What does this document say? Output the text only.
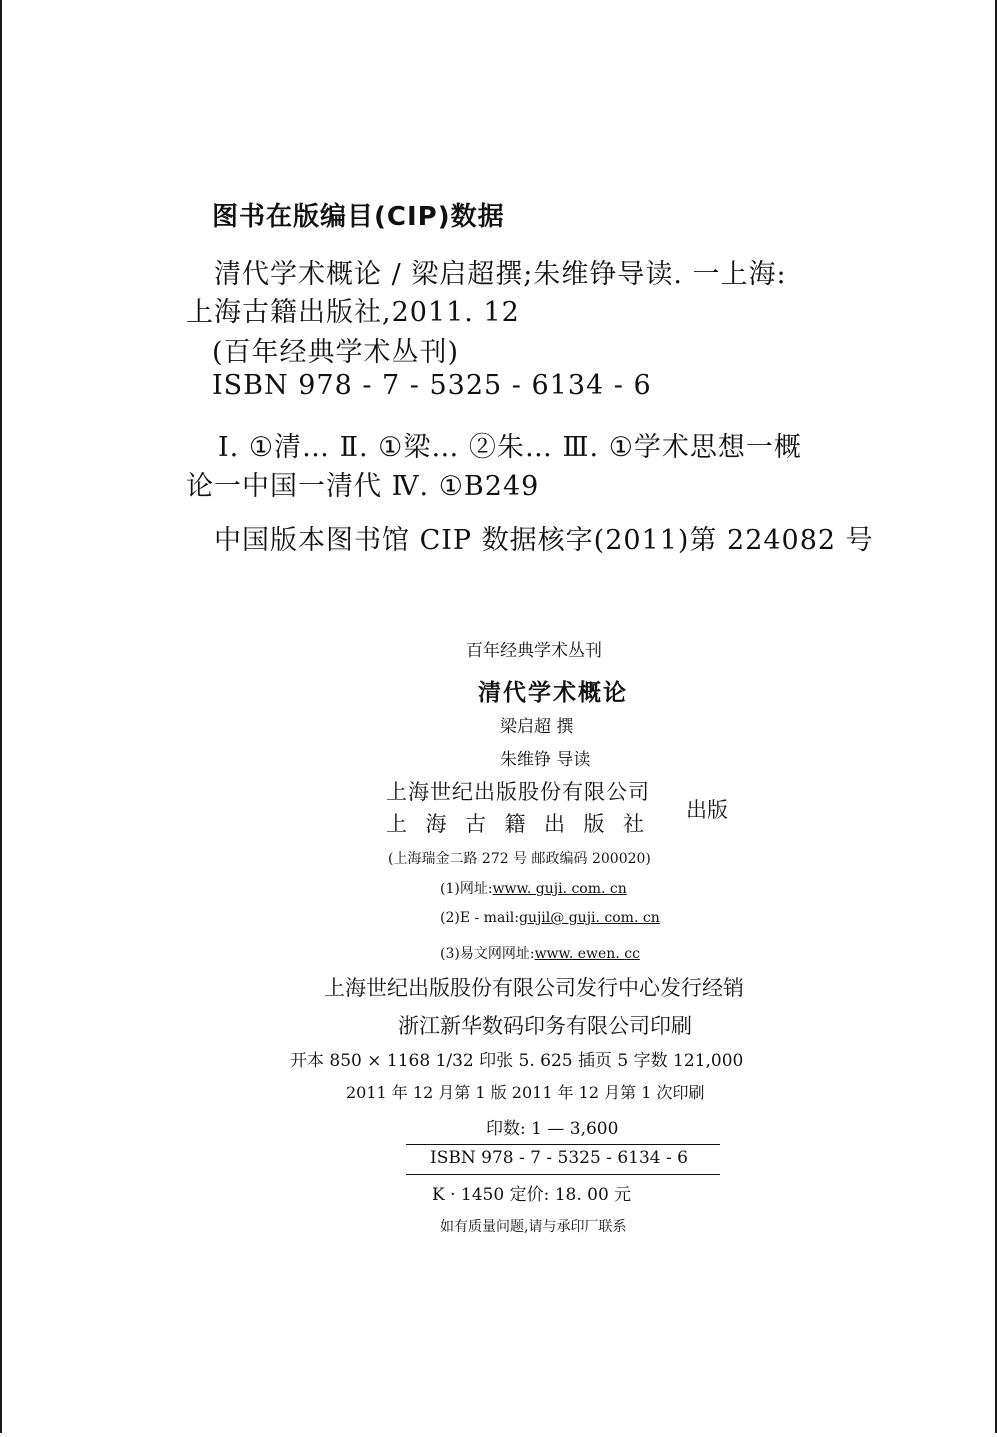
图书在版编目(CIP)数据
清代学术概论 / 梁启超撰;朱维铮导读. 一上海:
上海古籍出版社,2011. 12
(百年经典学术丛刊)
ISBN 978 - 7 - 5325 - 6134 - 6
Ⅰ. ①清… Ⅱ. ①梁… ②朱… Ⅲ. ①学术思想一概
论一中国一清代 Ⅳ. ①B249
中国版本图书馆 CIP 数据核字(2011)第 224082 号
百年经典学术丛刊
清代学术概论
梁启超 撰
朱维铮 导读
上海世纪出版股份有限公司
上海古籍出版社
出版
(上海瑞金二路 272 号 邮政编码 200020)
(1)网址:www. guji. com. cn
(2)E - mail:gujil@ guji. com. cn
(3)易文网网址:www. ewen. cc
上海世纪出版股份有限公司发行中心发行经销
浙江新华数码印务有限公司印刷
开本 850 × 1168 1/32 印张 5. 625 插页 5 字数 121,000
2011 年 12 月第 1 版 2011 年 12 月第 1 次印刷
印数: 1 — 3,600
ISBN 978 - 7 - 5325 - 6134 - 6
K · 1450 定价: 18. 00 元
如有质量问题,请与承印厂联系
